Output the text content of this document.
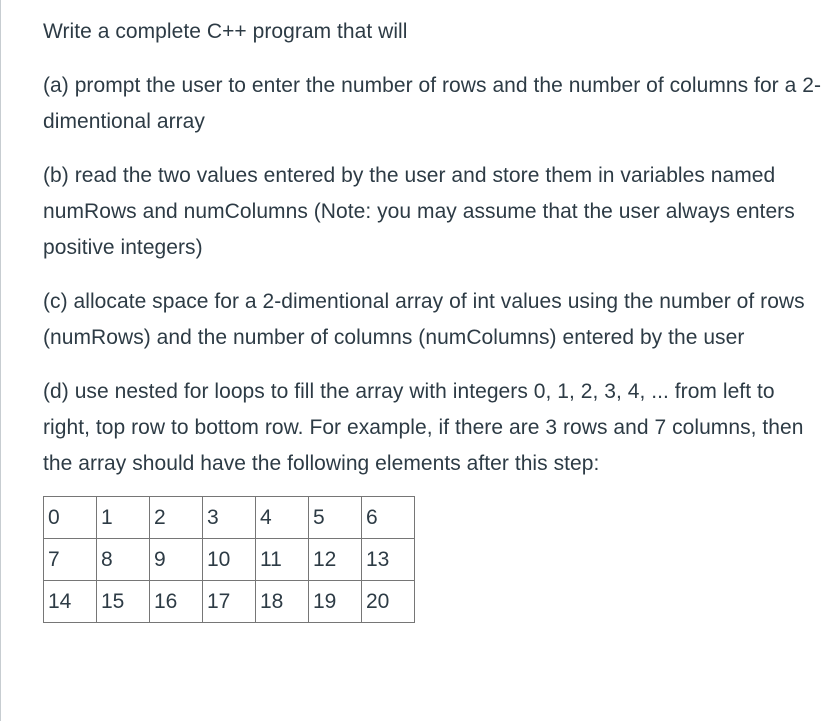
Write a complete C++ program that will

(a) prompt the user to enter the number of rows and the number of columns for a 2-dimentional array

(b) read the two values entered by the user and store them in variables named numRows and numColumns (Note: you may assume that the user always enters positive integers)

(c) allocate space for a 2-dimentional array of int values using the number of rows (numRows) and the number of columns (numColumns) entered by the user

(d) use nested for loops to fill the array with integers 0, 1, 2, 3, 4, ... from left to right, top row to bottom row. For example, if there are 3 rows and 7 columns, then the array should have the following elements after this step:

0	1	2	3	4	5	6
7	8	9	10	11	12	13
14	15	16	17	18	19	20
